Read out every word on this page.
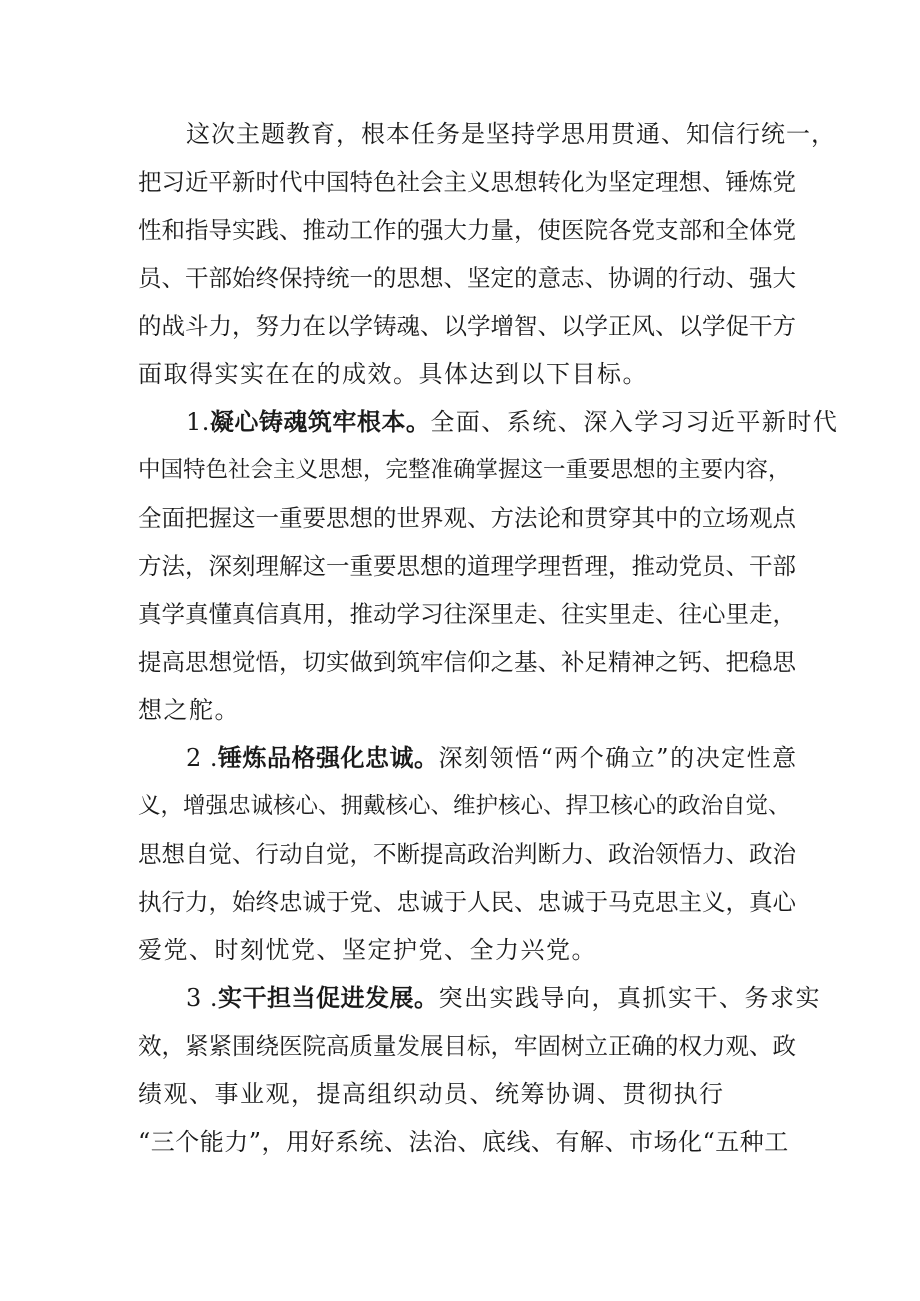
这次主题教育，根本任务是坚持学思用贯通、知信行统一，
把习近平新时代中国特色社会主义思想转化为坚定理想、锤炼党
性和指导实践、推动工作的强大力量，使医院各党支部和全体党
员、干部始终保持统一的思想、坚定的意志、协调的行动、强大
的战斗力，努力在以学铸魂、以学增智、以学正风、以学促干方
面取得实实在在的成效。具体达到以下目标。
1.凝心铸魂筑牢根本。全面、系统、深入学习习近平新时代
中国特色社会主义思想，完整准确掌握这一重要思想的主要内容，
全面把握这一重要思想的世界观、方法论和贯穿其中的立场观点
方法，深刻理解这一重要思想的道理学理哲理，推动党员、干部
真学真懂真信真用，推动学习往深里走、往实里走、往心里走，
提高思想觉悟，切实做到筑牢信仰之基、补足精神之钙、把稳思
想之舵。
2 .锤炼品格强化忠诚。深刻领悟“两个确立”的决定性意
义，增强忠诚核心、拥戴核心、维护核心、捍卫核心的政治自觉、
思想自觉、行动自觉，不断提高政治判断力、政治领悟力、政治
执行力，始终忠诚于党、忠诚于人民、忠诚于马克思主义，真心
爱党、时刻忧党、坚定护党、全力兴党。
3 .实干担当促进发展。突出实践导向，真抓实干、务求实
效，紧紧围绕医院高质量发展目标，牢固树立正确的权力观、政
绩观、事业观，提高组织动员、统筹协调、贯彻执行
“三个能力”，用好系统、法治、底线、有解、市场化“五种工
